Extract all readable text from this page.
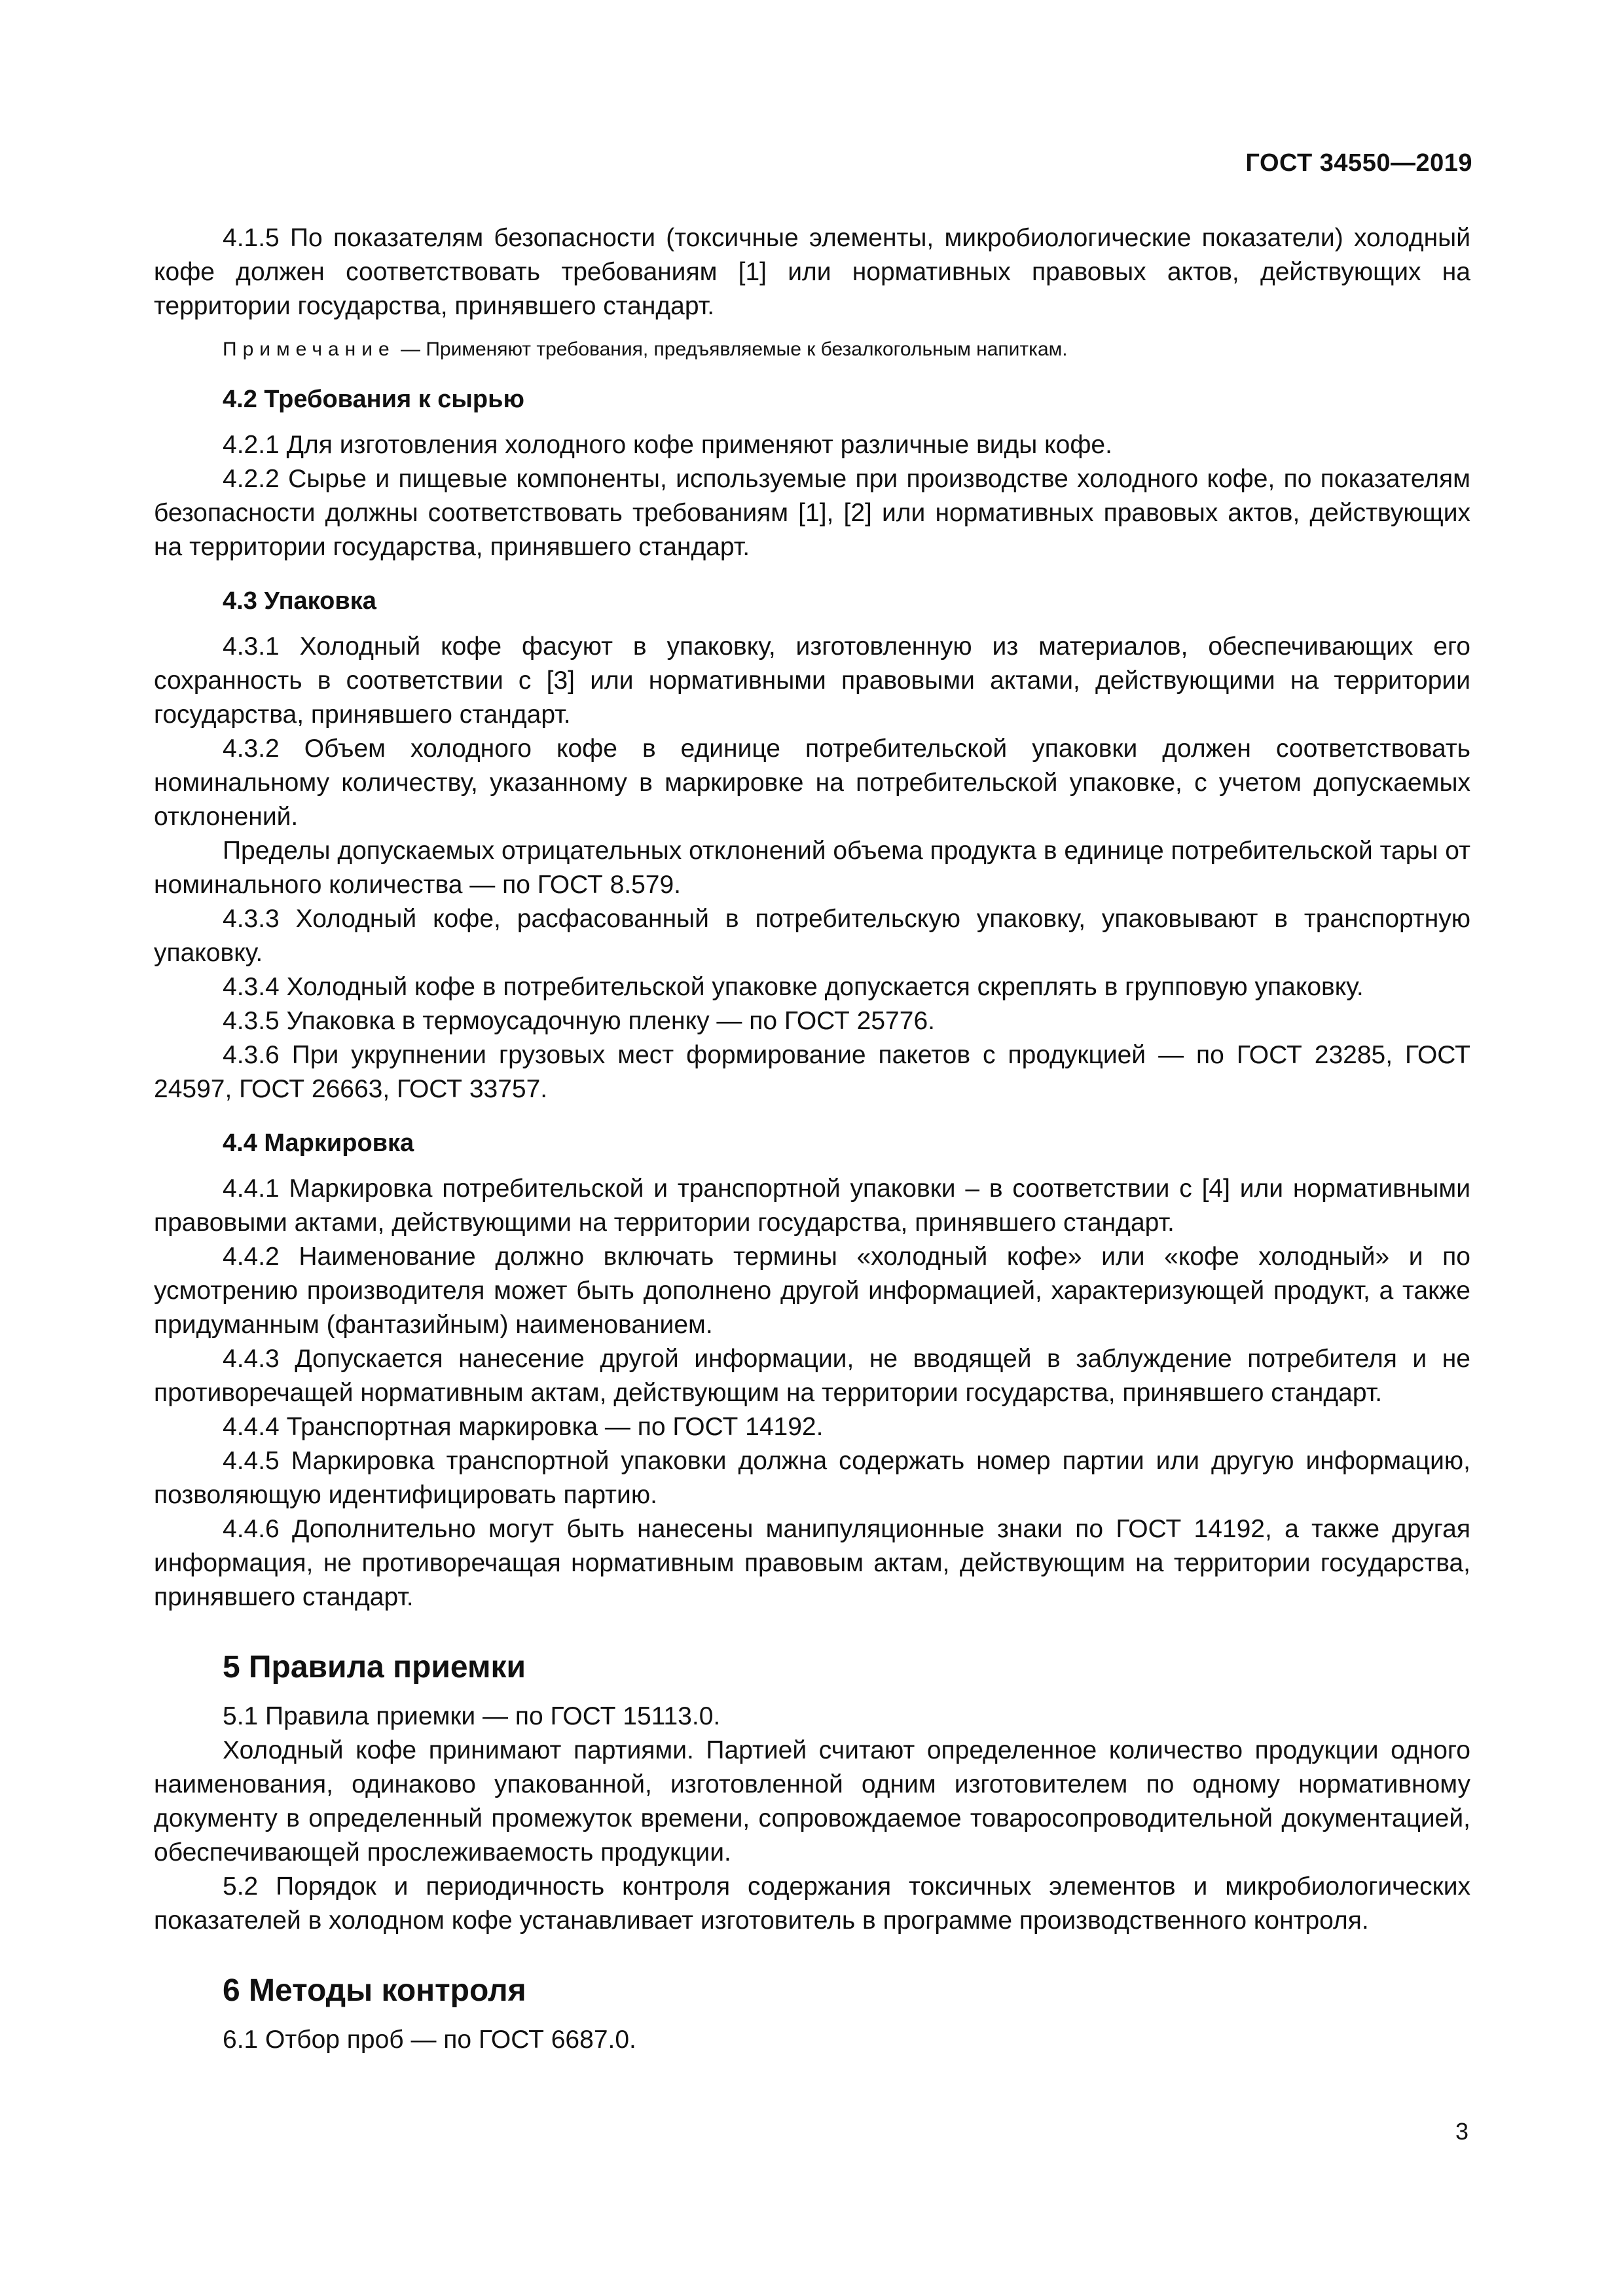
ГОСТ 34550—2019

4.1.5 По показателям безопасности (токсичные элементы, микробиологические показатели) холодный кофе должен соответствовать требованиям [1] или нормативных правовых актов, действующих на территории государства, принявшего стандарт.

Примечание — Применяют требования, предъявляемые к безалкогольным напиткам.

4.2 Требования к сырью

4.2.1 Для изготовления холодного кофе применяют различные виды кофе.

4.2.2 Сырье и пищевые компоненты, используемые при производстве холодного кофе, по показателям безопасности должны соответствовать требованиям [1], [2] или нормативных правовых актов, действующих на территории государства, принявшего стандарт.

4.3 Упаковка

4.3.1 Холодный кофе фасуют в упаковку, изготовленную из материалов, обеспечивающих его сохранность в соответствии с [3] или нормативными правовыми актами, действующими на территории государства, принявшего стандарт.

4.3.2 Объем холодного кофе в единице потребительской упаковки должен соответствовать номинальному количеству, указанному в маркировке на потребительской упаковке, с учетом допускаемых отклонений.

Пределы допускаемых отрицательных отклонений объема продукта в единице потребительской тары от номинального количества — по ГОСТ 8.579.

4.3.3 Холодный кофе, расфасованный в потребительскую упаковку, упаковывают в транспортную упаковку.

4.3.4 Холодный кофе в потребительской упаковке допускается скреплять в групповую упаковку.

4.3.5 Упаковка в термоусадочную пленку — по ГОСТ 25776.

4.3.6 При укрупнении грузовых мест формирование пакетов с продукцией — по ГОСТ 23285, ГОСТ 24597, ГОСТ 26663, ГОСТ 33757.

4.4 Маркировка

4.4.1 Маркировка потребительской и транспортной упаковки – в соответствии с [4] или нормативными правовыми актами, действующими на территории государства, принявшего стандарт.

4.4.2 Наименование должно включать термины «холодный кофе» или «кофе холодный» и по усмотрению производителя может быть дополнено другой информацией, характеризующей продукт, а также придуманным (фантазийным) наименованием.

4.4.3 Допускается нанесение другой информации, не вводящей в заблуждение потребителя и не противоречащей нормативным актам, действующим на территории государства, принявшего стандарт.

4.4.4 Транспортная маркировка — по ГОСТ 14192.

4.4.5 Маркировка транспортной упаковки должна содержать номер партии или другую информацию, позволяющую идентифицировать партию.

4.4.6 Дополнительно могут быть нанесены манипуляционные знаки по ГОСТ 14192, а также другая информация, не противоречащая нормативным правовым актам, действующим на территории государства, принявшего стандарт.

5 Правила приемки

5.1 Правила приемки — по ГОСТ 15113.0.

Холодный кофе принимают партиями. Партией считают определенное количество продукции одного наименования, одинаково упакованной, изготовленной одним изготовителем по одному нормативному документу в определенный промежуток времени, сопровождаемое товаросопроводительной документацией, обеспечивающей прослеживаемость продукции.

5.2 Порядок и периодичность контроля содержания токсичных элементов и микробиологических показателей в холодном кофе устанавливает изготовитель в программе производственного контроля.

6 Методы контроля

6.1 Отбор проб — по ГОСТ 6687.0.

3
